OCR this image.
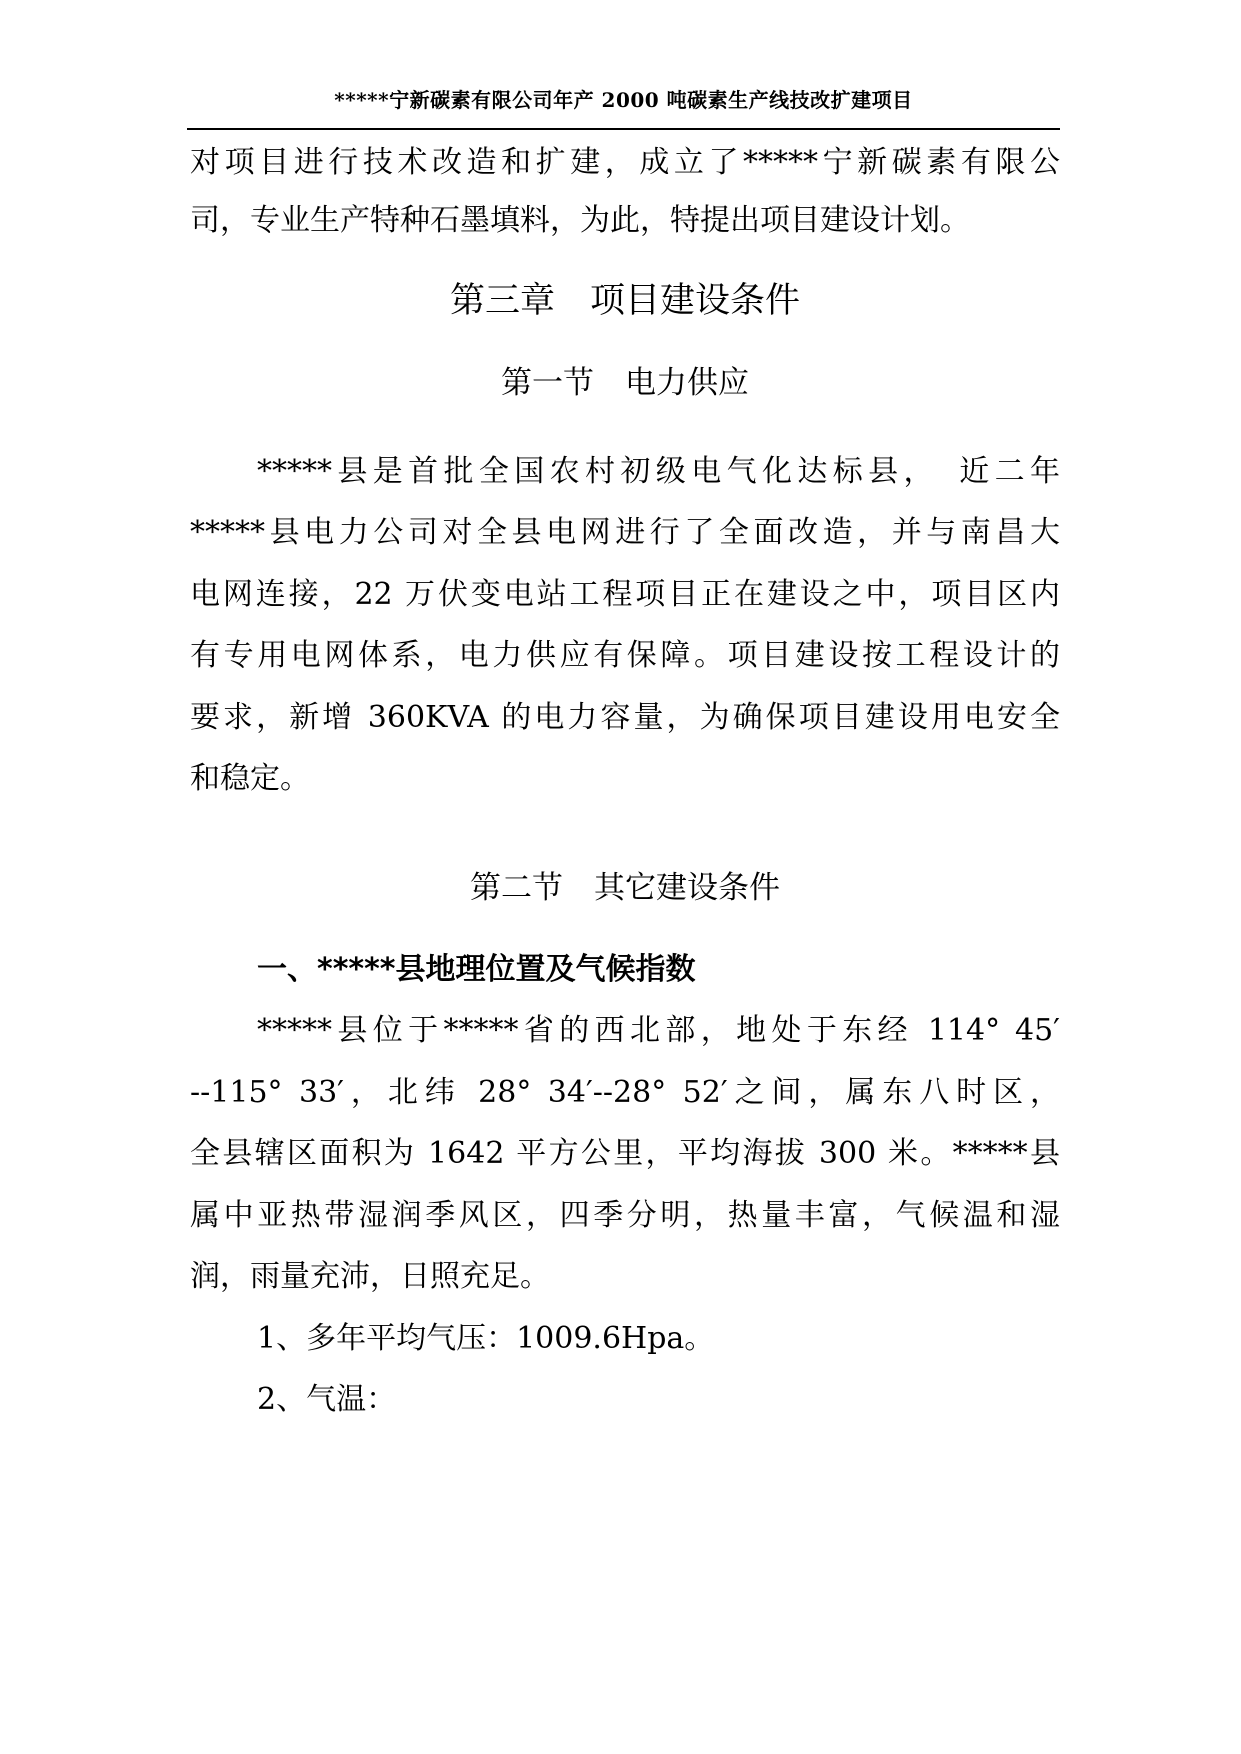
*****宁新碳素有限公司年产 2000 吨碳素生产线技改扩建项目
对项目进行技术改造和扩建，成立了*****宁新碳素有限公
司，专业生产特种石墨填料，为此，特提出项目建设计划。
第三章　项目建设条件
第一节　电力供应
*****县是首批全国农村初级电气化达标县，　近二年
*****县电力公司对全县电网进行了全面改造，并与南昌大
电网连接，22 万伏变电站工程项目正在建设之中，项目区内
有专用电网体系，电力供应有保障。项目建设按工程设计的
要求，新增 360KVA 的电力容量，为确保项目建设用电安全
和稳定。
第二节　其它建设条件
一、*****县地理位置及气候指数
*****县位于*****省的西北部，地处于东经 114° 45′
--115° 33′，北纬 28° 34′--28° 52′之间，属东八时区，
全县辖区面积为 1642 平方公里，平均海拔 300 米。*****县
属中亚热带湿润季风区，四季分明，热量丰富，气候温和湿
润，雨量充沛，日照充足。
1、多年平均气压：1009.6Hpa。
2、气温：
